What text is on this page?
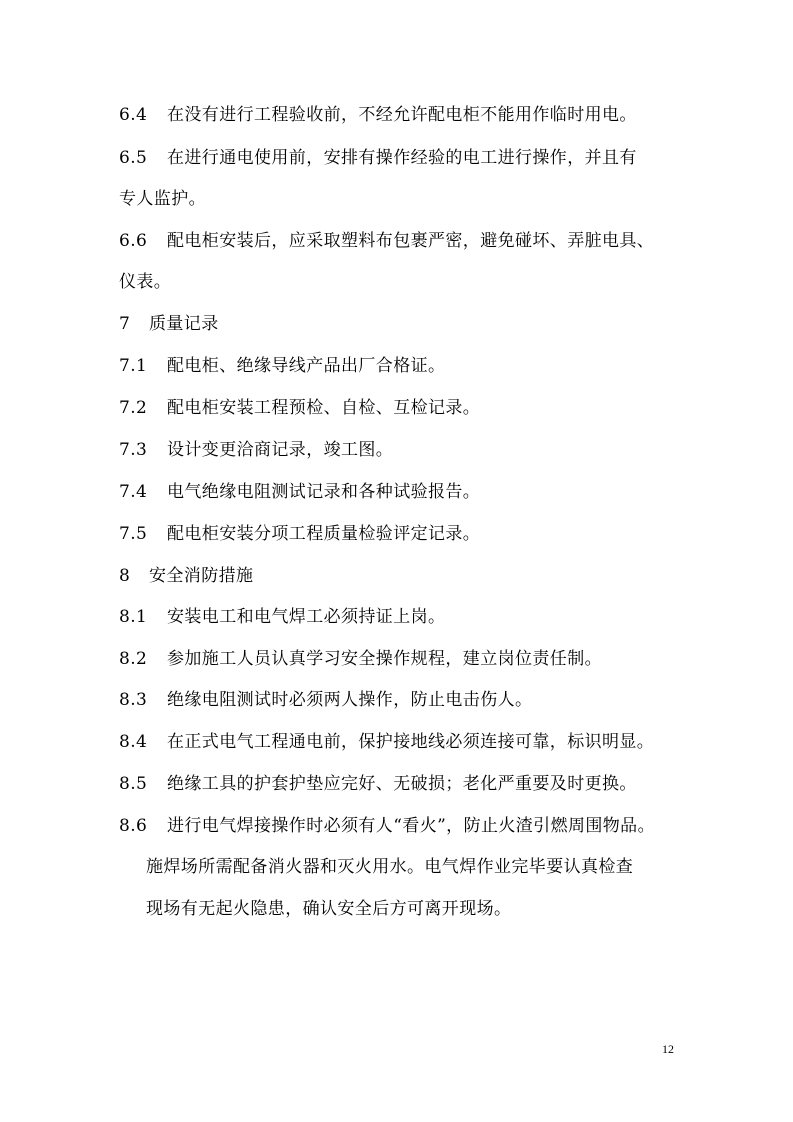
6.4 在没有进行工程验收前，不经允许配电柜不能用作临时用电。
6.5 在进行通电使用前，安排有操作经验的电工进行操作，并且有
专人监护。
6.6 配电柜安装后，应采取塑料布包裹严密，避免碰坏、弄脏电具、
仪表。
7 质量记录
7.1 配电柜、绝缘导线产品出厂合格证。
7.2 配电柜安装工程预检、自检、互检记录。
7.3 设计变更洽商记录，竣工图。
7.4 电气绝缘电阻测试记录和各种试验报告。
7.5 配电柜安装分项工程质量检验评定记录。
8 安全消防措施
8.1 安装电工和电气焊工必须持证上岗。
8.2 参加施工人员认真学习安全操作规程，建立岗位责任制。
8.3 绝缘电阻测试时必须两人操作，防止电击伤人。
8.4 在正式电气工程通电前，保护接地线必须连接可靠，标识明显。
8.5 绝缘工具的护套护垫应完好、无破损；老化严重要及时更换。
8.6 进行电气焊接操作时必须有人“看火”，防止火渣引燃周围物品。
施焊场所需配备消火器和灭火用水。电气焊作业完毕要认真检查
现场有无起火隐患，确认安全后方可离开现场。
12
